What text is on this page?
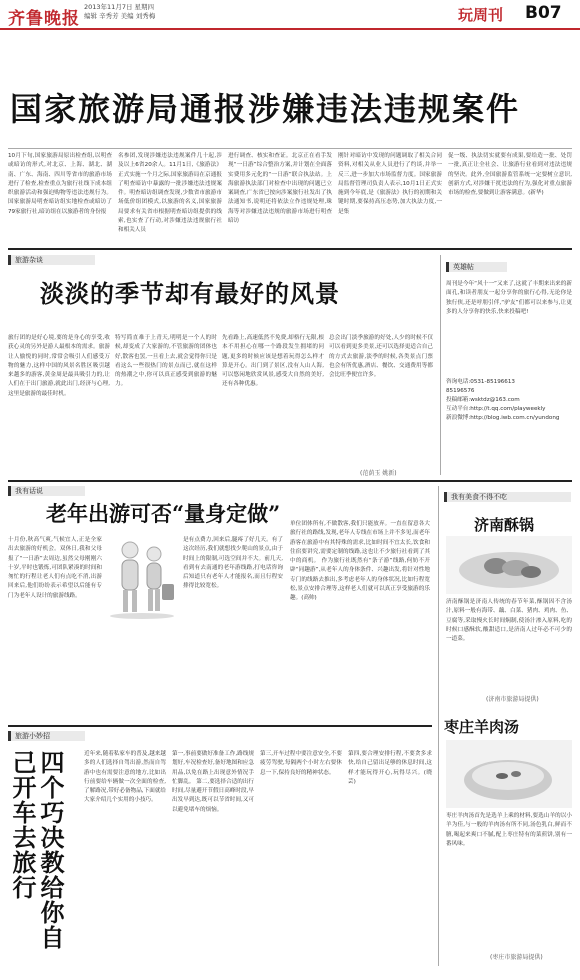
齐鲁晚报
2013年11月7日 星期四
编辑 辛秀芳 美编 刘秀梅	玩周刊 B07
国家旅游局通报涉嫌违法违规案件
10月下旬,国家旅游局原出检查组,以明查或暗访的形式,对北京、上海、湖北、湖南、广东、海南、四川等省市的旅游市场进行了检查,检查重点为旅行社线下成本组织旅游活动和强迫购物等违法违规行为。国家旅游局明查暗访组实地检查或暗访了79家旅行社,暗访组在以旅游者的身份报
名参团,发现涉嫌违法违规案件几十起,涉及以上6省20余人。11月1日,《旅游法》正式实施一个月之际,国家旅游局在京通报了明查暗访中暴露的一批涉嫌违法违规案件。明查暗访组调查发现,少数省市旅游市场低价组团模式,以旅游的名义,国家旅游局要求有关省市根据明查暗访组提供的线索,也实查了行动,对涉嫌违法违规旅行社和相关人员
进行调查、核实和查证。北京正在看手发现“一日游”综合整治方案,并计划在全面落实费用多元化的“一日游”联合执法站。上海旅游执法部门对检查中出现的问题已立案调查,广东省已按向涉案旅行社发出了执法通知书,说明还将依法立作违规处理,珠海等对涉嫌违法违规的旅游市场进行明查暗访
刚针对暗访中发现的问题调取了相关合同资料,对相关从业人员进行了约谈,并举一反三,进一步加大市场监督力度。国家旅游局监督管理司负责人表示,10月1日正式实施到今年底,是《旅游法》执行的初期和关键时期,要保持高压态势,加大执法力度,一是集
促一级、执法切实就要有成果,要给造一批、处罚一批,真正让全社会、让旅游行业看到对违法违规的坚决。此外,全国旅游监管系统一定要树立意识,创新方式,对涉嫌干扰违法的行为,强化对重点旅游市场的检查,要做到让游客满意。(新华)
旅游杂谈
淡淡的季节却有最好的风景
旅行团的是好心境,要的是身心的享受,收获心灵的另外是游人最根本的需求。旅游让人愉悦的同时,常常会吸引人们感受万物的魅力,这样中国的风景名胜区吸引越来越多的游客,黄金周是最具吸引力的,让人们在于出门旅游,就此出门,经济与心理,这里是旅游的最佳时机。
特写简直难于上青天,明明是一个人的时候,却变成了大家游的,不管旅游的团体也好,散客也罢,一旦看上去,就会觉得你只是看这么一些很热门的景点而已,就在这样的热潮之中,你可以真正感受到旅游的魅力。
先看路上,高速低然不免费,却格行无限,根本不用担心在哪一个路段发生拥堵的问题,更多的时候应该是想着玩得怎么样才算是开心。出门到了景区,没有人山人海,可以悠闲地欣赏风景,感受大自然的美好,还有各种优惠。
总会出门淡季旅游的好处,人少的时候不仅可以看到更多美景,还可以选择更适合自己的方式去旅游,淡季的时候,各类景点门票也会有所优惠,酒店、餐饮、交通费用等都会比旺季便宜许多。
(范荫玉 姚新)
英雄帖
周刊是今年“风十一”又来了,这就了丰期来出来的新面孔,和读者朋友一起分享你的旅行心得,无论你是独行侠,还是呼朋引伴,“驴友”们都可以来参与,让更多的人分享你的快乐,快来投稿吧!
咨询电话:0531-85196613
85196576
投稿邮箱:wsktdz@163.com
互动平台:http://t.qq.com/playweekly
新浪微博:http://blog.iwb.com.cn/yundong
我有话说
老年出游可否“量身定做”
十月份,秋高气爽,气候宜人,正是全家出去旅游的好机会。双休日,我和父母报了“一日游”去周边,虽然父母刚刚六十岁,平时也锻炼,可团队紧凑的时间和匆忙的行程让老人们有点吃不消,出游回来后,他们纷纷表示希望以后能有专门为老年人设计的旅游线路。
是有点费力,回来后,腿疼了好几天。有了这次经历,我们就想找少爬山的景点,由于时间上的限制,可选空间并不大。前几天,看到有去南通的老年游线路,打电话咨询后知道只有老年人才能报名,而且行程安排得比较宽松。
单位团体所有,不做散客,我们只能放弃。一直在留意各大旅行社的路线,发现,老年人专线在市场上并不多见,而老年游客在旅游中有其特殊的需求,比如时间不宜太长,饮食和住宿要讲究,需要定制的线路,这也让不少旅行社看到了其中的商机。 作为旅行社既然有“条子游”线路,何妨不开辟“同趣游”,从老年人的身体条件、兴趣出发,将针对性地专门的线路去推出,多考虑老年人的身体状况,比如行程宽松,景点安排合理等,这样老人们就可以真正享受旅游的乐趣。(高帅)
我有美食不得不吃
济南酥锅
济南酥锅是济南人传统的春节年菜,酥锅因不含汤汁,原料一般有海带、藕、白菜、猪肉、鸡肉、鱼、豆腐等,采取慢火长时间焖制,使汤汁渗入原料,吃的时候口感酥软,酸甜适口,是济南人过年必不可少的一道菜。
(济南市旅游局提供)
枣庄羊肉汤
枣庄羊肉汤首先是选羊上乘的材料,要选山羊的以小羊为佳,与一般的羊肉汤有所不同,汤色乳白,鲜而不膻,喝起来爽口不腻,配上枣庄特有的菜煎饼,别有一番风味。
(枣庄市旅游局提供)
旅游小妙招
四个巧决教给你自己开车去旅行	近年来,随着私家车的普及,越来越多的人们选择自驾出游,然而自驾游中也有需要注意的地方,比如出行前要给车辆做一次全面的检查,了解路况,带好必备物品,下面就给大家介绍几个实用的小技巧。
第一,事前要做好准备工作,路线规划好,车况检查好,备好地图和应急用品,以免在路上出现意外情况手忙脚乱。 第二,要选择合适的出行时间,尽量避开节假日高峰时段,早出发早到达,既可以节省时间,又可以避免堵车的烦恼。
第三,开车过程中要注意安全,不要疲劳驾驶,每隔两个小时左右要休息一下,保持良好的精神状态。
第四,要合理安排行程,不要贪多求快,给自己留出足够的休息时间,这样才能玩得开心,玩得尽兴。(晓芸)
